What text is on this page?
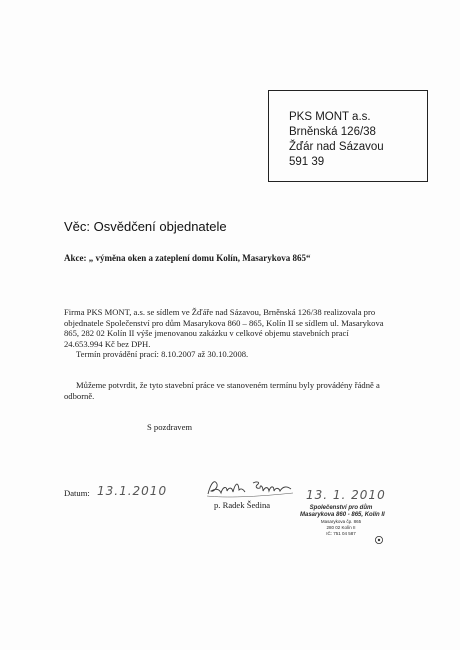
PKS MONT a.s.
Brněnská 126/38
Žďár nad Sázavou
591 39
Věc: Osvědčení objednatele
Akce: „ výměna oken a zateplení domu Kolín, Masarykova 865“
Firma PKS MONT, a.s. se sídlem ve Žďáře nad Sázavou, Brněnská 126/38 realizovala pro
objednatele Společenství pro dům Masarykova 860 – 865, Kolín II se sídlem ul. Masarykova
865, 282 02 Kolín II výše jmenovanou zakázku v celkové objemu stavebních prací
24.653.994 Kč bez DPH.
Termín provádění prací: 8.10.2007 až 30.10.2008.
Můžeme potvrdit, že tyto stavební práce ve stanoveném termínu byly provádény řádně a
odborně.
S pozdravem
Datum: 13.1.2010
p. Radek Šedina
13. 1. 2010
Společenství pro dům
Masarykova 860 - 865, Kolín II
Masarykova čp. 865
280 02 Kolín II
IČ: 751 04 587
